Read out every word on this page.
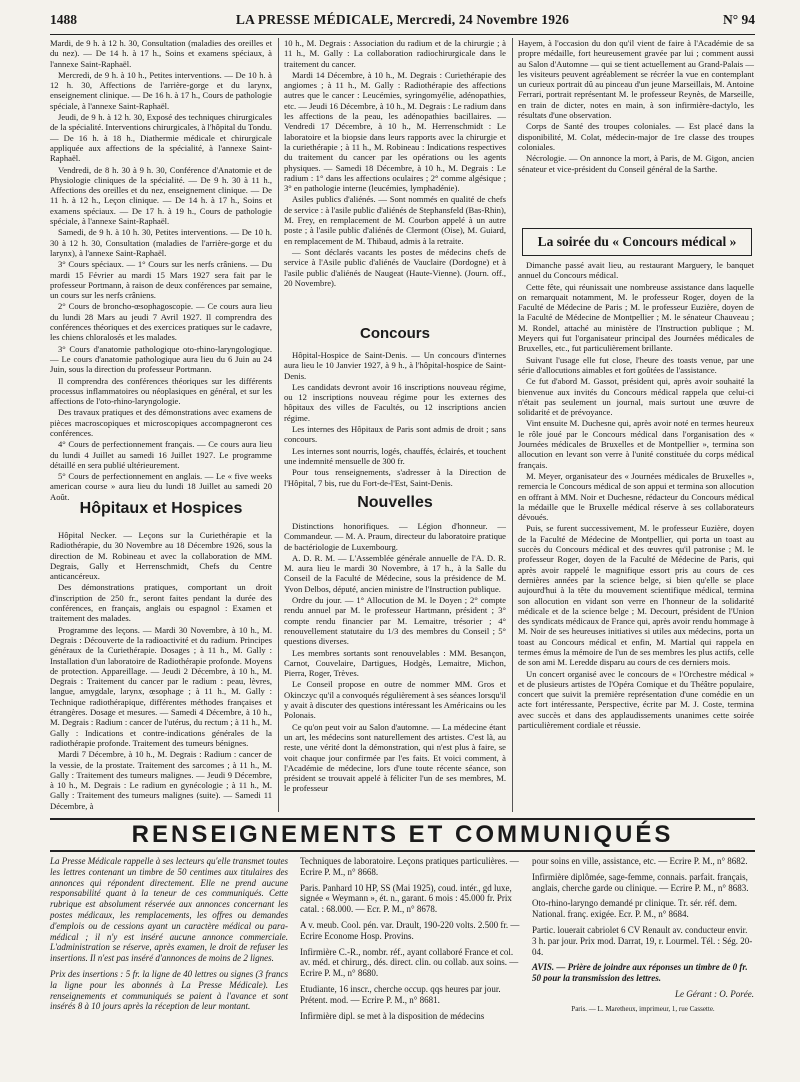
1488	LA PRESSE MÉDICALE, Mercredi, 24 Novembre 1926	N° 94

Mardi, de 9 h. à 12 h. 30, Consultation (maladies des oreilles et du nez). — De 14 h. à 17 h., Soins et examens spéciaux, à l'annexe Saint-Raphaël.

Mercredi, de 9 h. à 10 h., Petites interventions. — De 10 h. à 12 h. 30, Affections de l'arrière-gorge et du larynx, enseignement clinique. — De 16 h. à 17 h., Cours de pathologie spéciale, à l'annexe Saint-Raphaël.

Jeudi, de 9 h. à 12 h. 30, Exposé des techniques chirurgicales de la spécialité. Interventions chirurgicales, à l'hôpital du Tondu. — De 16 h. à 18 h., Diathermie médicale et chirurgicale appliquée aux affections de la spécialité, à l'annexe Saint-Raphaël.

Vendredi, de 8 h. 30 à 9 h. 30, Conférence d'Anatomie et de Physiologie cliniques de la spécialité. — De 9 h. 30 à 11 h., Affections des oreilles et du nez, enseignement clinique. — De 11 h. à 12 h., Leçon clinique. — De 14 h. à 17 h., Soins et examens spéciaux. — De 17 h. à 19 h., Cours de pathologie spéciale, à l'annexe Saint-Raphaël.

Samedi, de 9 h. à 10 h. 30, Petites interventions. — De 10 h. 30 à 12 h. 30, Consultation (maladies de l'arrière-gorge et du larynx), à l'annexe Saint-Raphaël.

3° Cours spéciaux. — 1° Cours sur les nerfs crâniens. — Du mardi 15 Février au mardi 15 Mars 1927 sera fait par le professeur Portmann, à raison de deux conférences par semaine, un cours sur les nerfs crâniens.

2° Cours de broncho-œsophagoscopie. — Ce cours aura lieu du lundi 28 Mars au jeudi 7 Avril 1927. Il comprendra des conférences théoriques et des exercices pratiques sur le cadavre, les chiens chloralosés et les malades.

3° Cours d'anatomie pathologique oto-rhino-laryngologique. — Le cours d'anatomie pathologique aura lieu du 6 Juin au 24 Juin, sous la direction du professeur Portmann.

Il comprendra des conférences théoriques sur les différents processus inflammatoires ou néoplasiques en général, et sur les affections de l'oto-rhino-laryngologie.

Des travaux pratiques et des démonstrations avec examens de pièces macroscopiques et microscopiques accompagneront ces conférences.

4° Cours de perfectionnement français. — Ce cours aura lieu du lundi 4 Juillet au samedi 16 Juillet 1927. Le programme détaillé en sera publié ultérieurement.

5° Cours de perfectionnement en anglais. — Le « five weeks american course » aura lieu du lundi 18 Juillet au samedi 20 Août.

Hôpitaux et Hospices

Hôpital Necker. — Leçons sur la Curiethérapie et la Radiothérapie, du 30 Novembre au 18 Décembre 1926, sous la direction de M. Robineau et avec la collaboration de MM. Degrais, Gally et Herrenschmidt, Chefs du Centre anticancéreux.

Des démonstrations pratiques, comportant un droit d'inscription de 250 fr., seront faites pendant la durée des conférences, en français, anglais ou espagnol : Examen et traitement des malades.

Programme des leçons. — Mardi 30 Novembre, à 10 h., M. Degrais : Découverte de la radioactivité et du radium. Principes généraux de la Curiethérapie. Dosages ; à 11 h., M. Gally : Installation d'un laboratoire de Radiothérapie profonde. Moyens de protection. Appareillage. — Jeudi 2 Décembre, à 10 h., M. Degrais : Traitement du cancer par le radium : peau, lèvres, langue, amygdale, larynx, œsophage ; à 11 h., M. Gally : Technique radiothérapique, différentes méthodes françaises et étrangères. Dosage et mesures. — Samedi 4 Décembre, à 10 h., M. Degrais : Radium : cancer de l'utérus, du rectum ; à 11 h., M. Gally : Indications et contre-indications générales de la radiothérapie profonde. Traitement des tumeurs bénignes.

Mardi 7 Décembre, à 10 h., M. Degrais : Radium : cancer de la vessie, de la prostate. Traitement des sarcomes ; à 11 h., M. Gally : Traitement des tumeurs malignes. — Jeudi 9 Décembre, à 10 h., M. Degrais : Le radium en gynécologie ; à 11 h., M. Gally : Traitement des tumeurs malignes (suite). — Samedi 11 Décembre, à

10 h., M. Degrais : Association du radium et de la chirurgie ; à 11 h., M. Gally : La collaboration radiochirurgicale dans le traitement du cancer.

Mardi 14 Décembre, à 10 h., M. Degrais : Curiethérapie des angiomes ; à 11 h., M. Gally : Radiothérapie des affections autres que le cancer : Leucémies, syringomyélie, adénopathies, etc. — Jeudi 16 Décembre, à 10 h., M. Degrais : Le radium dans les affections de la peau, les adénopathies bacillaires. — Vendredi 17 Décembre, à 10 h., M. Herrenschmidt : Le laboratoire et la biopsie dans leurs rapports avec la chirurgie et la curiethérapie ; à 11 h., M. Robineau : Indications respectives du traitement du cancer par les opérations ou les agents physiques. — Samedi 18 Décembre, à 10 h., M. Degrais : Le radium : 1° dans les affections oculaires ; 2° comme algésique ; 3° en pathologie interne (leucémies, lymphadénie).

Asiles publics d'aliénés. — Sont nommés en qualité de chefs de service : à l'asile public d'aliénés de Stephansfeld (Bas-Rhin), M. Frey, en remplacement de M. Courbon appelé à un autre poste ; à l'asile public d'aliénés de Clermont (Oise), M. Guiard, en remplacement de M. Thibaud, admis à la retraite.

— Sont déclarés vacants les postes de médecins chefs de service à l'Asile public d'aliénés de Vauclaire (Dordogne) et à l'asile public d'aliénés de Naugeat (Haute-Vienne). (Journ. off., 20 Novembre).

Concours

Hôpital-Hospice de Saint-Denis. — Un concours d'internes aura lieu le 10 Janvier 1927, à 9 h., à l'hôpital-hospice de Saint-Denis.

Les candidats devront avoir 16 inscriptions nouveau régime, ou 12 inscriptions nouveau régime pour les externes des hôpitaux des villes de Facultés, ou 12 inscriptions ancien régime.

Les internes des Hôpitaux de Paris sont admis de droit ; sans concours.

Les internes sont nourris, logés, chauffés, éclairés, et touchent une indemnité mensuelle de 300 fr.

Pour tous renseignements, s'adresser à la Direction de l'Hôpital, 7 bis, rue du Fort-de-l'Est, Saint-Denis.

Nouvelles

Distinctions honorifiques. — Légion d'honneur. — Commandeur. — M. A. Praum, directeur du laboratoire pratique de bactériologie de Luxembourg.

A. D. R. M. — L'Assemblée générale annuelle de l'A. D. R. M. aura lieu le mardi 30 Novembre, à 17 h., à la Salle du Conseil de la Faculté de Médecine, sous la présidence de M. Yvon Delbos, député, ancien ministre de l'Instruction publique.

Ordre du jour. — 1° Allocution de M. le Doyen ; 2° compte rendu annuel par M. le professeur Hartmann, président ; 3° compte rendu financier par M. Lemaitre, trésorier ; 4° renouvellement statutaire du 1/3 des membres du Conseil ; 5° questions diverses.

Les membres sortants sont renouvelables : MM. Besançon, Carnot, Couvelaire, Dartigues, Hodgès, Lemaitre, Michon, Pierra, Roger, Trèves.

Le Conseil propose en outre de nommer MM. Gros et Okinczyc qu'il a convoqués régulièrement à ses séances lorsqu'il y avait à discuter des questions intéressant les Américains ou les Polonais.

Ce qu'on peut voir au Salon d'automne. — La médecine étant un art, les médecins sont naturellement des artistes. C'est là, au reste, une vérité dont la démonstration, qui n'est plus à faire, se voit chaque jour confirmée par l'es faits. Et voici comment, à l'Académie de médecine, lors d'une toute récente séance, son président se trouvait appelé à féliciter l'un de ses membres, M. le professeur

Hayem, à l'occasion du don qu'il vient de faire à l'Académie de sa propre médaille, fort heureusement gravée par lui ; comment aussi au Salon d'Automne — qui se tient actuellement au Grand-Palais — les visiteurs peuvent agréablement se récréer la vue en contemplant un curieux portrait dû au pinceau d'un jeune Marseillais, M. Antoine Ferrari, portrait représentant M. le professeur Reynès, de Marseille, en train de dicter, notes en main, à son infirmière-dactylo, les résultats d'une observation.

Corps de Santé des troupes coloniales. — Est placé dans la disponibilité, M. Colat, médecin-major de 1re classe des troupes coloniales.

Nécrologie. — On annonce la mort, à Paris, de M. Gigon, ancien sénateur et vice-président du Conseil général de la Sarthe.

La soirée du « Concours médical »

Dimanche passé avait lieu, au restaurant Marguery, le banquet annuel du Concours médical.

Cette fête, qui réunissait une nombreuse assistance dans laquelle on remarquait notamment, M. le professeur Roger, doyen de la Faculté de Médecine de Paris ; M. le professeur Euzière, doyen de la Faculté de Médecine de Montpellier ; M. le sénateur Chauveau ; M. Rondel, attaché au ministère de l'Instruction publique ; M. Meyers qui fut l'organisateur principal des Journées médicales de Bruxelles, etc., fut particulièrement brillante.

Suivant l'usage elle fut close, l'heure des toasts venue, par une série d'allocutions aimables et fort goûtées de l'assistance.

Ce fut d'abord M. Gassot, président qui, après avoir souhaité la bienvenue aux invités du Concours médical rappela que celui-ci n'était pas seulement un journal, mais surtout une œuvre de solidarité et de prévoyance.

Vint ensuite M. Duchesne qui, après avoir noté en termes heureux le rôle joué par le Concours médical dans l'organisation des « Journées médicales de Bruxelles et de Montpellier », termina son allocution en levant son verre à l'unité constituée du corps médical français.

M. Meyer, organisateur des « Journées médicales de Bruxelles », remercia le Concours médical de son appui et termina son allocution en offrant à MM. Noir et Duchesne, rédacteur du Concours médical la médaille que le Bruxelle médical réserve à ses collaborateurs dévoués.

Puis, se furent successivement, M. le professeur Euzière, doyen de la Faculté de Médecine de Montpellier, qui porta un toast au succès du Concours médical et des œuvres qu'il patronise ; M. le professeur Roger, doyen de la Faculté de Médecine de Paris, qui après avoir rappelé le magnifique essort pris au cours de ces dernières années par la science belge, si bien qu'elle se place aujourd'hui à la tête du mouvement scientifique médical, termina son allocution en vidant son verre en l'honneur de la solidarité médicale et de la science belge ; M. Decourt, président de l'Union des syndicats médicaux de France qui, après avoir rendu hommage à M. Noir de ses heureuses initiatives si utiles aux médecins, porta un toast au Concours médical et enfin, M. Martial qui rappela en termes émus la mémoire de l'un de ses membres les plus actifs, celle de son ami M. Leredde disparu au cours de ces derniers mois.

Un concert organisé avec le concours de « l'Orchestre médical » et de plusieurs artistes de l'Opéra Comique et du Théâtre populaire, concert que suivit la première représentation d'une comédie en un acte fort intéressante, Perspective, écrite par M. J. Coste, termina avec succès et dans des applaudissements unanimes cette soirée particulièrement cordiale et réussie.

RENSEIGNEMENTS ET COMMUNIQUÉS

La Presse Médicale rappelle à ses lecteurs qu'elle transmet toutes les lettres contenant un timbre de 50 centimes aux titulaires des annonces qui répondent directement. Elle ne prend aucune responsabilité quant à la teneur de ces communiqués. Cette rubrique est absolument réservée aux annonces concernant les postes médicaux, les remplacements, les offres ou demandes d'emplois ou de cessions ayant un caractère médical ou para-médical ; il n'y est inséré aucune annonce commerciale. L'administration se réserve, après examen, le droit de refuser les insertions. Il n'est pas inséré d'annonces de moins de 2 lignes.

Prix des insertions : 5 fr. la ligne de 40 lettres ou signes (3 francs la ligne pour les abonnés à La Presse Médicale). Les renseignements et communiqués se paient à l'avance et sont insérés 8 à 10 jours après la réception de leur montant.

Techniques de laboratoire. Leçons pratiques particulières. — Ecrire P. M., n° 8668.

Paris. Panhard 10 HP, SS (Mai 1925), coud. intér., gd luxe, signée « Weymann », ét. n., garant. 6 mois : 45.000 fr. Prix catal. : 68.000. — Ecr. P. M., n° 8678.

A v. meub. Cool. pén. var. Drault, 190-220 volts. 2.500 fr. — Ecrire Econome Hosp. Provins.

Infirmière C.-R., nombr. réf., ayant collaboré France et col. av. méd. et chirurg., dés. direct. clin. ou collab. aux soins. — Ecrire P. M., n° 8680.

Etudiante, 16 inscr., cherche occup. qqs heures par jour. Prétent. mod. — Ecrire P. M., n° 8681.

Infirmière dipl. se met à la disposition de médecins

pour soins en ville, assistance, etc. — Ecrire P. M., n° 8682.

Infirmière diplômée, sage-femme, connais. parfait. français, anglais, cherche garde ou clinique. — Ecrire P. M., n° 8683.

Oto-rhino-laryngo demandé pr clinique. Tr. sér. réf. dem. National. franç. exigée. Ecr. P. M., n° 8684.

Partic. louerait cabriolet 6 CV Renault av. conducteur envir. 3 h. par jour. Prix mod. Darrat, 19, r. Lourmel. Tél. : Ség. 20-04.

AVIS. — Prière de joindre aux réponses un timbre de 0 fr. 50 pour la transmission des lettres.

Le Gérant : O. Porée.
Paris. — L. Maretheux, imprimeur, 1, rue Cassette.
